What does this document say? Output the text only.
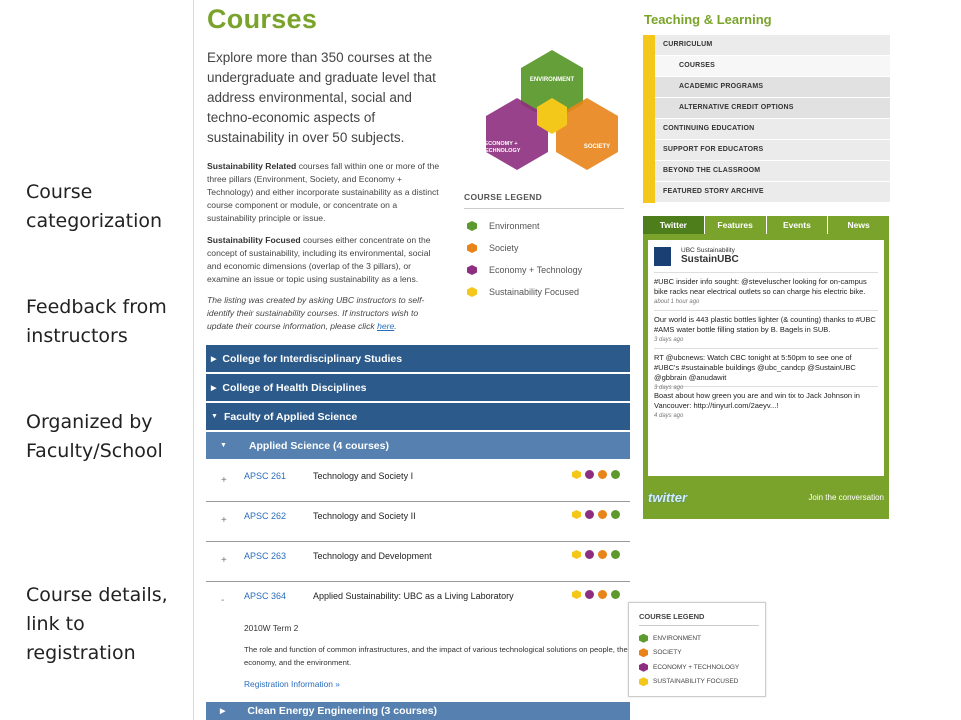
Course categorization
Feedback from instructors
Organized by Faculty/School
Course details, link to registration
Courses

Explore more than 350 courses at the undergraduate and graduate level that address environmental, social and techno-economic aspects of sustainability in over 50 subjects.

Sustainability Related courses fall within one or more of the three pillars (Environment, Society, and Economy + Technology) and either incorporate sustainability as a distinct course component or module, or concentrate on a sustainability principle or issue.

Sustainability Focused courses either concentrate on the concept of sustainability, including its environmental, social and economic dimensions (overlap of the 3 pillars), or examine an issue or topic using sustainability as a lens.

The listing was created by asking UBC instructors to self-identify their sustainability courses. If instructors wish to update their course information, please click here.

ENVIRONMENT
ECONOMY +
TECHNOLOGY
SOCIETY
COURSE LEGEND
Environment
Society
Economy + Technology
Sustainability Focused
▶ College for Interdisciplinary Studies
▶ College of Health Disciplines
▼ Faculty of Applied Science
▼ Applied Science (4 courses)
+ APSC 261	Technology and Society I
+ APSC 262	Technology and Society II
+ APSC 263	Technology and Development
- APSC 364	Applied Sustainability: UBC as a Living Laboratory
2010W Term 2
The role and function of common infrastructures, and the impact of various technological solutions on people, the economy, and the environment.
Registration Information »
▶ Clean Energy Engineering (3 courses)
Teaching & Learning
CURRICULUM
COURSES
ACADEMIC PROGRAMS
ALTERNATIVE CREDIT OPTIONS
CONTINUING EDUCATION
SUPPORT FOR EDUCATORS
BEYOND THE CLASSROOM
FEATURED STORY ARCHIVE
Twitter	Features	Events	News
UBC Sustainability
SustainUBC
#UBC insider info sought: @steveluscher looking for on-campus bike racks near electrical outlets so can charge his electric bike.
about 1 hour ago
Our world is 443 plastic bottles lighter (& counting) thanks to #UBC #AMS water bottle filling station by B. Bagels in SUB.
3 days ago
RT @ubcnews: Watch CBC tonight at 5:50pm to see one of #UBC's #sustainable buildings @ubc_candcp @SustainUBC @gbbrain @anudawit
3 days ago
Boast about how green you are and win tix to Jack Johnson in Vancouver: http://tinyurl.com/2aeyv...!
4 days ago
twitter	Join the conversation
COURSE LEGEND
ENVIRONMENT
SOCIETY
ECONOMY + TECHNOLOGY
SUSTAINABILITY FOCUSED
